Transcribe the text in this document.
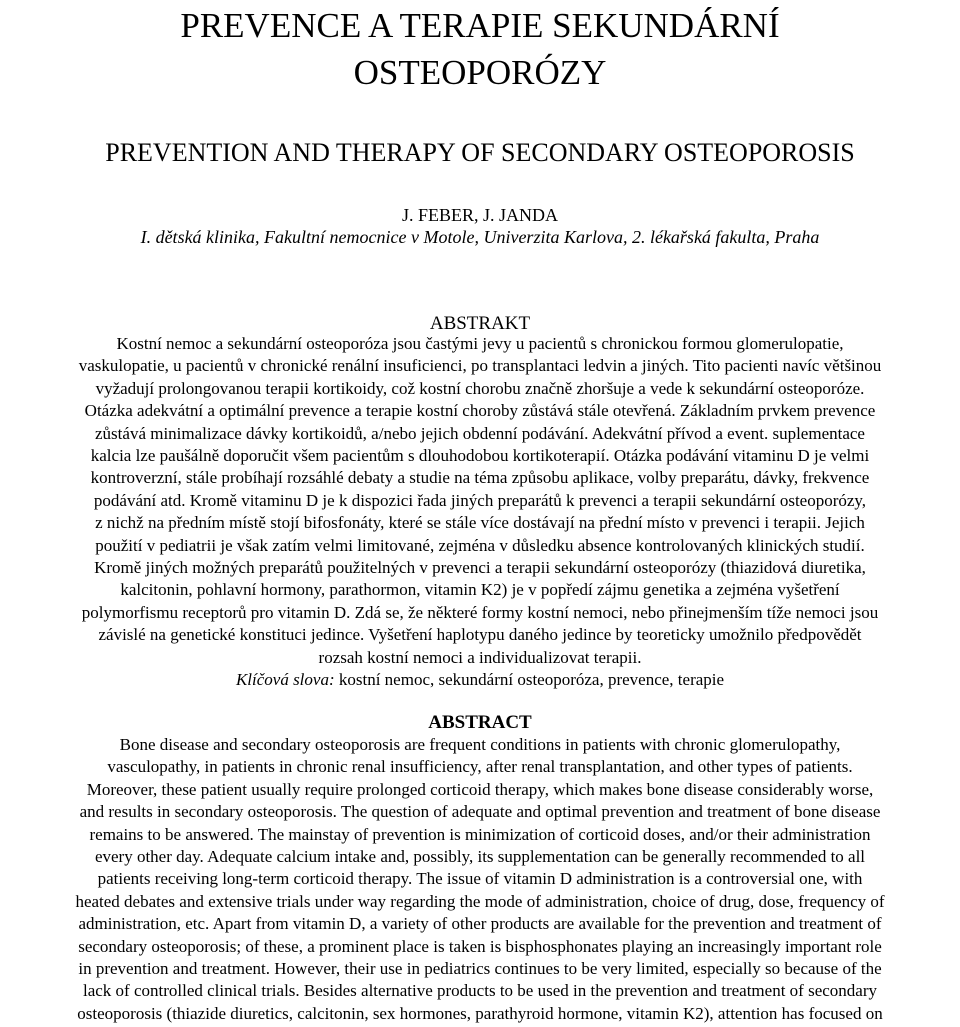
PREVENCE A TERAPIE SEKUNDÁRNÍ
OSTEOPORÓZY
PREVENTION AND THERAPY OF SECONDARY OSTEOPOROSIS
J. FEBER, J. JANDA
I. dětská klinika, Fakultní nemocnice v Motole, Univerzita Karlova, 2. lékařská fakulta, Praha
ABSTRAKT
Kostní nemoc a sekundární osteoporóza jsou častými jevy u pacientů s chronickou formou glomerulopatie,
vaskulopatie, u pacientů v chronické renální insuficienci, po transplantaci ledvin a jiných. Tito pacienti navíc většinou
vyžadují prolongovanou terapii kortikoidy, což kostní chorobu značně zhoršuje a vede k sekundární osteoporóze.
Otázka adekvátní a optimální prevence a terapie kostní choroby zůstává stále otevřená. Základním prvkem prevence
zůstává minimalizace dávky kortikoidů, a/nebo jejich obdenní podávání. Adekvátní přívod a event. suplementace
kalcia lze paušálně doporučit všem pacientům s dlouhodobou kortikoterapií. Otázka podávání vitaminu D je velmi
kontroverzní, stále probíhají rozsáhlé debaty a studie na téma způsobu aplikace, volby preparátu, dávky, frekvence
podávání atd. Kromě vitaminu D je k dispozici řada jiných preparátů k prevenci a terapii sekundární osteoporózy,
z nichž na předním místě stojí bifosfonáty, které se stále více dostávají na přední místo v prevenci i terapii. Jejich
použití v pediatrii je však zatím velmi limitované, zejména v důsledku absence kontrolovaných klinických studií.
Kromě jiných možných preparátů použitelných v prevenci a terapii sekundární osteoporózy (thiazidová diuretika,
kalcitonin, pohlavní hormony, parathormon, vitamin K2) je v popředí zájmu genetika a zejména vyšetření
polymorfismu receptorů pro vitamin D. Zdá se, že některé formy kostní nemoci, nebo přinejmenším tíže nemoci jsou
závislé na genetické konstituci jedince. Vyšetření haplotypu daného jedince by teoreticky umožnilo předpovědět
rozsah kostní nemoci a individualizovat terapii.
Klíčová slova: kostní nemoc, sekundární osteoporóza, prevence, terapie
ABSTRACT
Bone disease and secondary osteoporosis are frequent conditions in patients with chronic glomerulopathy,
vasculopathy, in patients in chronic renal insufficiency, after renal transplantation, and other types of patients.
Moreover, these patient usually require prolonged corticoid therapy, which makes bone disease considerably worse,
and results in secondary osteoporosis. The question of adequate and optimal prevention and treatment of bone disease
remains to be answered. The mainstay of prevention is minimization of corticoid doses, and/or their administration
every other day. Adequate calcium intake and, possibly, its supplementation can be generally recommended to all
patients receiving long-term corticoid therapy. The issue of vitamin D administration is a controversial one, with
heated debates and extensive trials under way regarding the mode of administration, choice of drug, dose, frequency of
administration, etc. Apart from vitamin D, a variety of other products are available for the prevention and treatment of
secondary osteoporosis; of these, a prominent place is taken is bisphosphonates playing an increasingly important role
in prevention and treatment. However, their use in pediatrics continues to be very limited, especially so because of the
lack of controlled clinical trials. Besides alternative products to be used in the prevention and treatment of secondary
osteoporosis (thiazide diuretics, calcitonin, sex hormones, parathyroid hormone, vitamin K2), attention has focused on
